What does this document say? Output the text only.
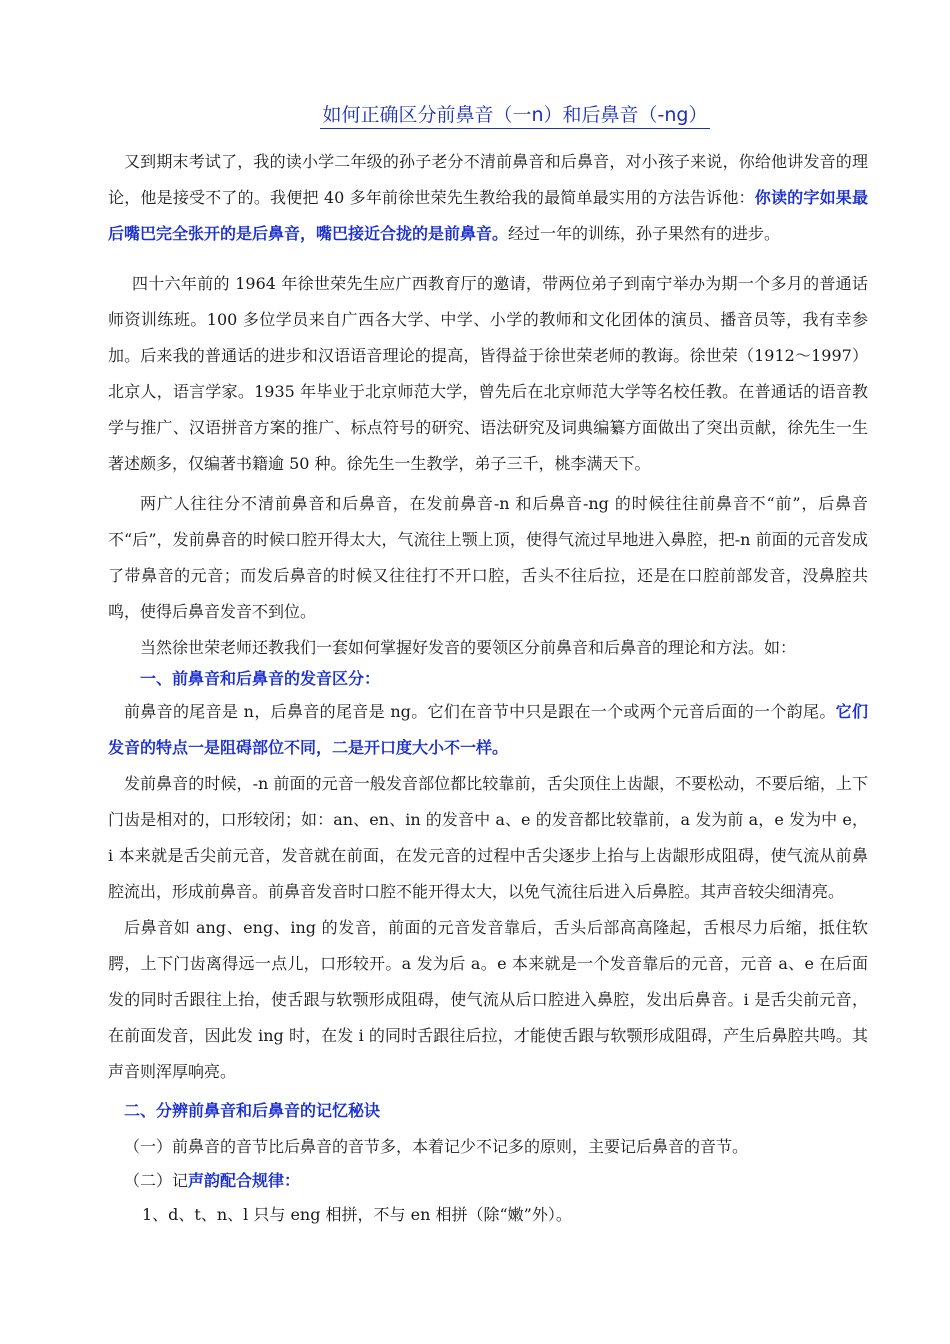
如何正确区分前鼻音（一n）和后鼻音（-ng）

又到期末考试了，我的读小学二年级的孙子老分不清前鼻音和后鼻音，对小孩子来说，你给他讲发音的理论，他是接受不了的。我便把 40 多年前徐世荣先生教给我的最简单最实用的方法告诉他：你读的字如果最后嘴巴完全张开的是后鼻音，嘴巴接近合拢的是前鼻音。经过一年的训练，孙子果然有的进步。

四十六年前的 1964 年徐世荣先生应广西教育厅的邀请，带两位弟子到南宁举办为期一个多月的普通话师资训练班。100 多位学员来自广西各大学、中学、小学的教师和文化团体的演员、播音员等，我有幸参加。后来我的普通话的进步和汉语语音理论的提高，皆得益于徐世荣老师的教诲。徐世荣（1912～1997）北京人，语言学家。1935 年毕业于北京师范大学，曾先后在北京师范大学等名校任教。在普通话的语音教学与推广、汉语拼音方案的推广、标点符号的研究、语法研究及词典编纂方面做出了突出贡献，徐先生一生著述颇多，仅编著书籍逾 50 种。徐先生一生教学，弟子三千，桃李满天下。

两广人往往分不清前鼻音和后鼻音，在发前鼻音-n 和后鼻音-ng 的时候往往前鼻音不“前”，后鼻音不“后”，发前鼻音的时候口腔开得太大，气流往上颚上顶，使得气流过早地进入鼻腔，把-n 前面的元音发成了带鼻音的元音；而发后鼻音的时候又往往打不开口腔，舌头不往后拉，还是在口腔前部发音，没鼻腔共鸣，使得后鼻音发音不到位。

当然徐世荣老师还教我们一套如何掌握好发音的要领区分前鼻音和后鼻音的理论和方法。如：

一、前鼻音和后鼻音的发音区分：

前鼻音的尾音是 n，后鼻音的尾音是 ng。它们在音节中只是跟在一个或两个元音后面的一个韵尾。它们发音的特点一是阻碍部位不同，二是开口度大小不一样。

发前鼻音的时候，-n 前面的元音一般发音部位都比较靠前，舌尖顶住上齿龈，不要松动，不要后缩，上下门齿是相对的，口形较闭；如：an、en、in 的发音中 a、e 的发音都比较靠前，a 发为前 a，e 发为中 e，i 本来就是舌尖前元音，发音就在前面，在发元音的过程中舌尖逐步上抬与上齿龈形成阻碍，使气流从前鼻腔流出，形成前鼻音。前鼻音发音时口腔不能开得太大，以免气流往后进入后鼻腔。其声音较尖细清亮。

后鼻音如 ang、eng、ing 的发音，前面的元音发音靠后，舌头后部高高隆起，舌根尽力后缩，抵住软腭，上下门齿离得远一点儿，口形较开。a 发为后 a。e 本来就是一个发音靠后的元音，元音 a、e 在后面发的同时舌跟往上抬，使舌跟与软颚形成阻碍，使气流从后口腔进入鼻腔，发出后鼻音。i 是舌尖前元音，在前面发音，因此发 ing 时，在发 i 的同时舌跟往后拉，才能使舌跟与软颚形成阻碍，产生后鼻腔共鸣。其声音则浑厚响亮。

二、分辨前鼻音和后鼻音的记忆秘诀
（一）前鼻音的音节比后鼻音的音节多，本着记少不记多的原则，主要记后鼻音的音节。
（二）记声韵配合规律：
1、d、t、n、l 只与 eng 相拼，不与 en 相拼（除“嫩”外）。
